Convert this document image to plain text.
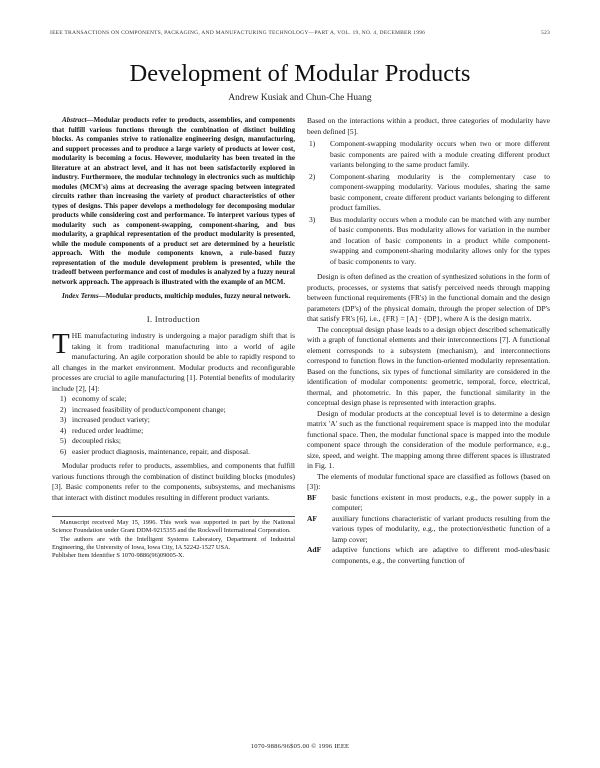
IEEE TRANSACTIONS ON COMPONENTS, PACKAGING, AND MANUFACTURING TECHNOLOGY—PART A, VOL. 19, NO. 4, DECEMBER 1996	523
Development of Modular Products
Andrew Kusiak and Chun-Che Huang

Abstract—Modular products refer to products, assemblies, and components that fulfill various functions through the combination of distinct building blocks. As companies strive to rationalize engineering design, manufacturing, and support processes and to produce a large variety of products at lower cost, modularity is becoming a focus. However, modularity has been treated in the literature at an abstract level, and it has not been satisfactorily explored in industry. Furthermore, the modular technology in electronics such as multichip modules (MCM's) aims at decreasing the average spacing between integrated circuits rather than increasing the variety of product characteristics of other types of designs. This paper develops a methodology for decomposing modular products while considering cost and performance. To interpret various types of modularity such as component-swapping, component-sharing, and bus modularity, a graphical representation of the product modularity is presented, while the module components of a product set are determined by a heuristic approach. With the module components known, a rule-based fuzzy representation of the module development problem is presented, while the tradeoff between performance and cost of modules is analyzed by a fuzzy neural network approach. The approach is illustrated with the example of an MCM.

Index Terms—Modular products, multichip modules, fuzzy neural network.

I. Introduction

THE manufacturing industry is undergoing a major paradigm shift that is taking it from traditional manufacturing into a world of agile manufacturing. An agile corporation should be able to rapidly respond to all changes in the market environment. Modular products and reconfigurable processes are crucial to agile manufacturing [1]. Potential benefits of modularity include [2], [4]:

1) economy of scale;
2) increased feasibility of product/component change;
3) increased product variety;
4) reduced order leadtime;
5) decoupled risks;
6) easier product diagnosis, maintenance, repair, and disposal.

Modular products refer to products, assemblies, and components that fulfill various functions through the combination of distinct building blocks (modules) [3]. Basic components refer to the components, subsystems, and mechanisms that interact with distinct modules resulting in different product variants.

Manuscript received May 15, 1996. This work was supported in part by the National Science Foundation under Grant DDM-9215355 and the Rockwell International Corporation.

The authors are with the Intelligent Systems Laboratory, Department of Industrial Engineering, the University of Iowa, Iowa City, IA 52242-1527 USA.

Publisher Item Identifier S 1070-9886(96)09005-X.

Based on the interactions within a product, three categories of modularity have been defined [5].

1) Component-swapping modularity occurs when two or more different basic components are paired with a module creating different product variants belonging to the same product family.
2) Component-sharing modularity is the complementary case to component-swapping modularity. Various modules, sharing the same basic component, create different product variants belonging to different product families.
3) Bus modularity occurs when a module can be matched with any number of basic components. Bus modularity allows for variation in the number and location of basic components in a product while component-swapping and component-sharing modularity allows only for the types of basic components to vary.

Design is often defined as the creation of synthesized solutions in the form of products, processes, or systems that satisfy perceived needs through mapping between functional requirements (FR's) in the functional domain and the design parameters (DP's) of the physical domain, through the proper selection of DP's that satisfy FR's [6], i.e., {FR} = [A] · {DP}, where A is the design matrix.

The conceptual design phase leads to a design object described schematically with a graph of functional elements and their interconnections [7]. A functional element corresponds to a subsystem (mechanism), and interconnections correspond to function flows in the function-oriented modularity representation. Based on the functions, six types of functional similarity are considered in the identification of modular components: geometric, temporal, force, electrical, thermal, and photometric. In this paper, the functional similarity in the conceptual design phase is represented with interaction graphs.

Design of modular products at the conceptual level is to determine a design matrix 'A' such as the functional requirement space is mapped into the modular functional space. Then, the modular functional space is mapped into the module component space through the consideration of the module performance, e.g., size, speed, and weight. The mapping among three different spaces is illustrated in Fig. 1.

The elements of modular functional space are classified as follows (based on [3]):

BF basic functions existent in most products, e.g., the power supply in a computer;
AF auxiliary functions characteristic of variant products resulting from the various types of modularity, e.g., the protection/esthetic function of a lamp cover;
AdF adaptive functions which are adaptive to different mod-ules/basic components, e.g., the converting function of
1070-9886/96$05.00 © 1996 IEEE
